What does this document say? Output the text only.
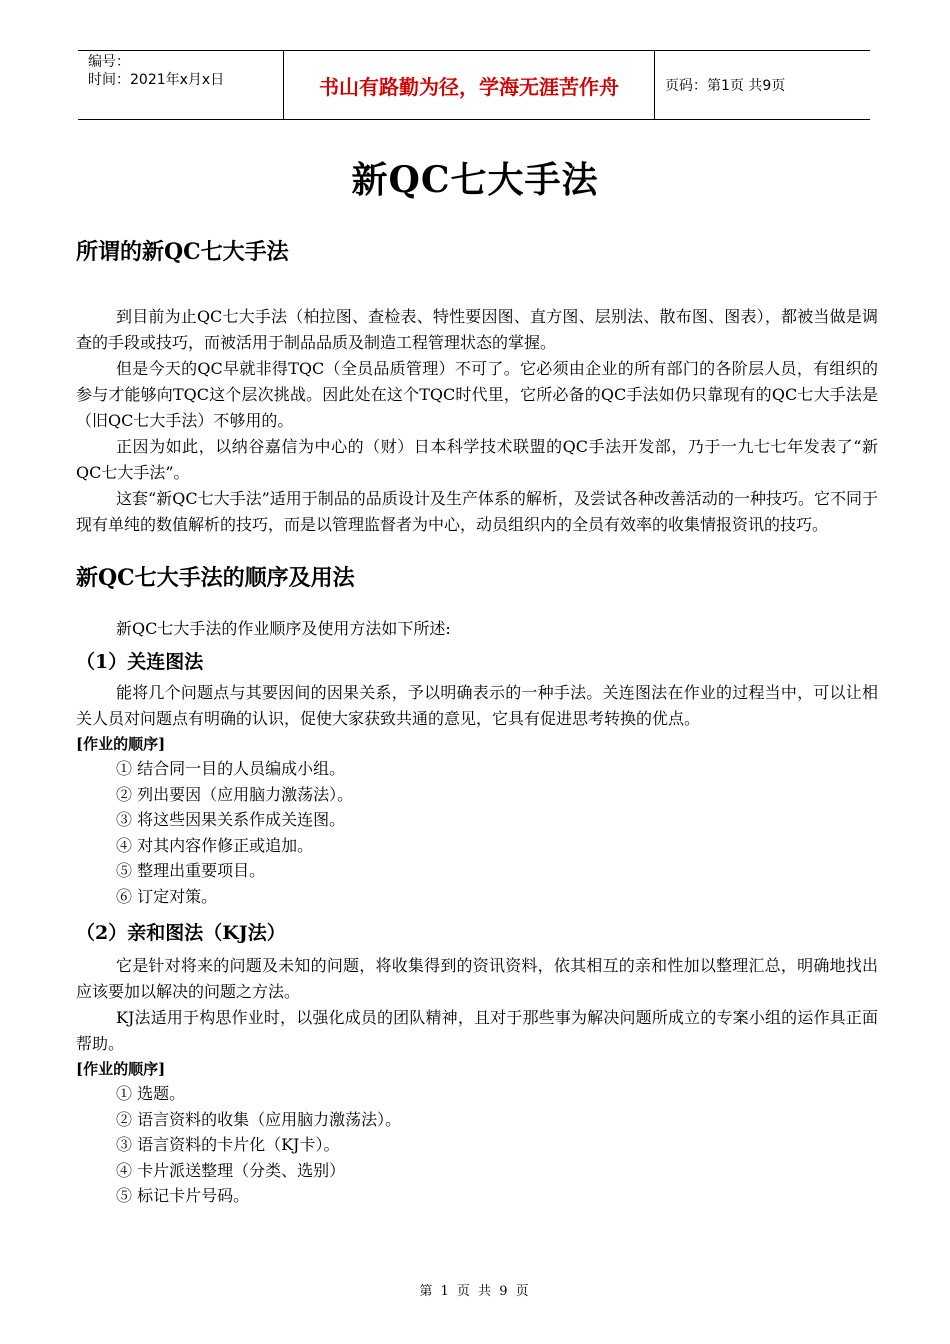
编号：
时间：2021年x月x日	书山有路勤为径，学海无涯苦作舟	页码：第1页 共9页
新QC七大手法
所谓的新QC七大手法

到目前为止QC七大手法（柏拉图、查检表、特性要因图、直方图、层别法、散布图、图表），都被当做是调查的手段或技巧，而被活用于制品品质及制造工程管理状态的掌握。

但是今天的QC早就非得TQC（全员品质管理）不可了。它必须由企业的所有部门的各阶层人员，有组织的参与才能够向TQC这个层次挑战。因此处在这个TQC时代里，它所必备的QC手法如仍只靠现有的QC七大手法是（旧QC七大手法）不够用的。

正因为如此，以纳谷嘉信为中心的（财）日本科学技术联盟的QC手法开发部，乃于一九七七年发表了“新QC七大手法”。

这套“新QC七大手法”适用于制品的品质设计及生产体系的解析，及尝试各种改善活动的一种技巧。它不同于现有单纯的数值解析的技巧，而是以管理监督者为中心，动员组织内的全员有效率的收集情报资讯的技巧。

新QC七大手法的顺序及用法

新QC七大手法的作业顺序及使用方法如下所述:

（1）关连图法

能将几个问题点与其要因间的因果关系，予以明确表示的一种手法。关连图法在作业的过程当中，可以让相关人员对问题点有明确的认识，促使大家获致共通的意见，它具有促进思考转换的优点。

[作业的顺序]
① 结合同一目的人员编成小组。
② 列出要因（应用脑力激荡法）。
③ 将这些因果关系作成关连图。
④ 对其内容作修正或追加。
⑤ 整理出重要项目。
⑥ 订定对策。
（2）亲和图法（KJ法）

它是针对将来的问题及未知的问题，将收集得到的资讯资料，依其相互的亲和性加以整理汇总，明确地找出应该要加以解决的问题之方法。

KJ法适用于构思作业时，以强化成员的团队精神，且对于那些事为解决问题所成立的专案小组的运作具正面帮助。

[作业的顺序]
① 选题。
② 语言资料的收集（应用脑力激荡法）。
③ 语言资料的卡片化（KJ卡）。
④ 卡片派送整理（分类、选别）
⑤ 标记卡片号码。
第 1 页 共 9 页
